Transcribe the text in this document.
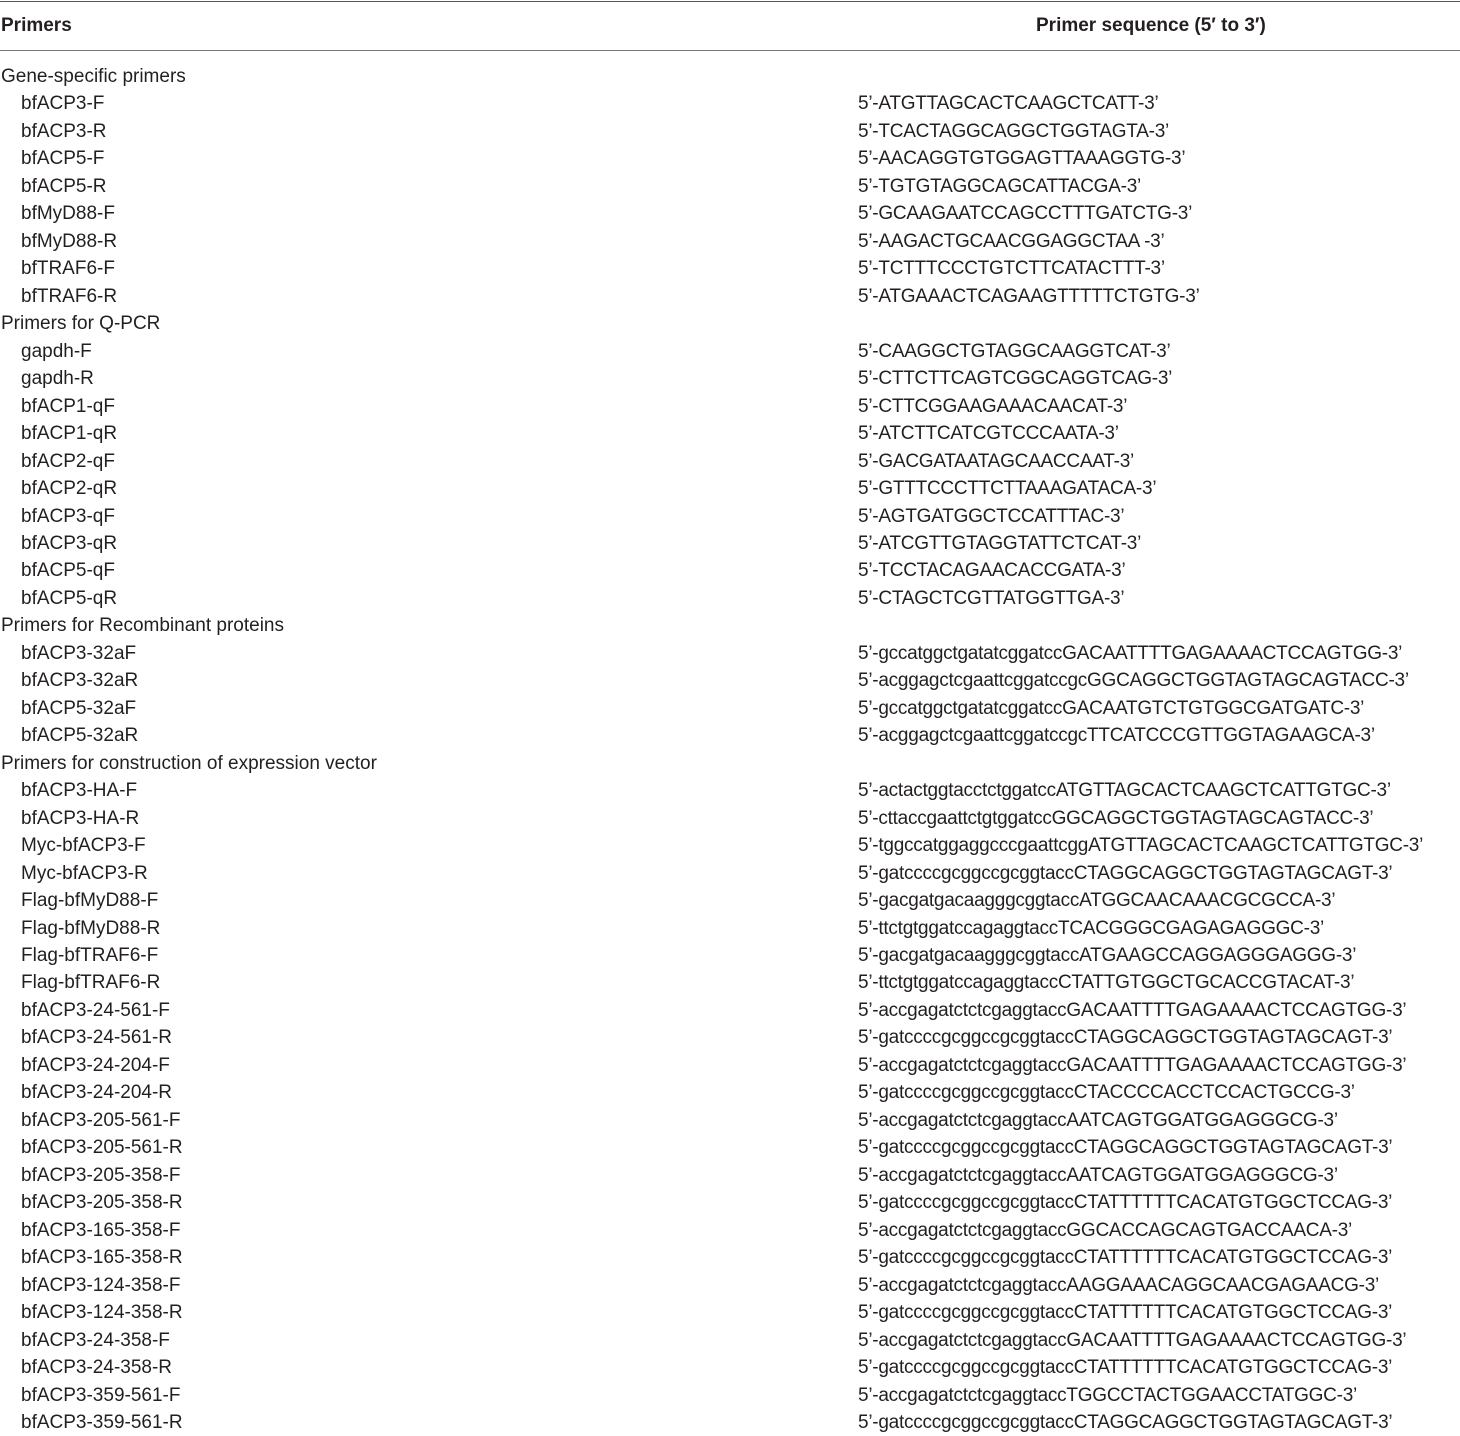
Primers	Primer sequence (5′ to 3′)
Gene-specific primers
bfACP3-F	5’-ATGTTAGCACTCAAGCTCATT-3’
bfACP3-R	5’-TCACTAGGCAGGCTGGTAGTA-3’
bfACP5-F	5’-AACAGGTGTGGAGTTAAAGGTG-3’
bfACP5-R	5’-TGTGTAGGCAGCATTACGA-3’
bfMyD88-F	5’-GCAAGAATCCAGCCTTTGATCTG-3’
bfMyD88-R	5’-AAGACTGCAACGGAGGCTAA -3’
bfTRAF6-F	5’-TCTTTCCCTGTCTTCATACTTT-3’
bfTRAF6-R	5’-ATGAAACTCAGAAGTTTTTCTGTG-3’
Primers for Q-PCR
gapdh-F	5’-CAAGGCTGTAGGCAAGGTCAT-3’
gapdh-R	5’-CTTCTTCAGTCGGCAGGTCAG-3’
bfACP1-qF	5’-CTTCGGAAGAAACAACAT-3’
bfACP1-qR	5’-ATCTTCATCGTCCCAATA-3’
bfACP2-qF	5’-GACGATAATAGCAACCAAT-3’
bfACP2-qR	5’-GTTTCCCTTCTTAAAGATACA-3’
bfACP3-qF	5’-AGTGATGGCTCCATTTAC-3’
bfACP3-qR	5’-ATCGTTGTAGGTATTCTCAT-3’
bfACP5-qF	5’-TCCTACAGAACACCGATA-3’
bfACP5-qR	5’-CTAGCTCGTTATGGTTGA-3’
Primers for Recombinant proteins
bfACP3-32aF	5’-gccatggctgatatcggatccGACAATTTTGAGAAAACTCCAGTGG-3’
bfACP3-32aR	5’-acggagctcgaattcggatccgcGGCAGGCTGGTAGTAGCAGTACC-3’
bfACP5-32aF	5’-gccatggctgatatcggatccGACAATGTCTGTGGCGATGATC-3’
bfACP5-32aR	5’-acggagctcgaattcggatccgcTTCATCCCGTTGGTAGAAGCA-3’
Primers for construction of expression vector
bfACP3-HA-F	5’-actactggtacctctggatccATGTTAGCACTCAAGCTCATTGTGC-3’
bfACP3-HA-R	5’-cttaccgaattctgtggatccGGCAGGCTGGTAGTAGCAGTACC-3’
Myc-bfACP3-F	5’-tggccatggaggcccgaattcggATGTTAGCACTCAAGCTCATTGTGC-3’
Myc-bfACP3-R	5’-gatccccgcggccgcggtaccCTAGGCAGGCTGGTAGTAGCAGT-3’
Flag-bfMyD88-F	5’-gacgatgacaagggcggtaccATGGCAACAAACGCGCCA-3’
Flag-bfMyD88-R	5’-ttctgtggatccagaggtaccTCACGGGCGAGAGAGGGC-3’
Flag-bfTRAF6-F	5’-gacgatgacaagggcggtaccATGAAGCCAGGAGGGAGGG-3’
Flag-bfTRAF6-R	5’-ttctgtggatccagaggtaccCTATTGTGGCTGCACCGTACAT-3’
bfACP3-24-561-F	5’-accgagatctctcgaggtaccGACAATTTTGAGAAAACTCCAGTGG-3’
bfACP3-24-561-R	5’-gatccccgcggccgcggtaccCTAGGCAGGCTGGTAGTAGCAGT-3’
bfACP3-24-204-F	5’-accgagatctctcgaggtaccGACAATTTTGAGAAAACTCCAGTGG-3’
bfACP3-24-204-R	5’-gatccccgcggccgcggtaccCTACCCCACCTCCACTGCCG-3’
bfACP3-205-561-F	5’-accgagatctctcgaggtaccAATCAGTGGATGGAGGGCG-3’
bfACP3-205-561-R	5’-gatccccgcggccgcggtaccCTAGGCAGGCTGGTAGTAGCAGT-3’
bfACP3-205-358-F	5’-accgagatctctcgaggtaccAATCAGTGGATGGAGGGCG-3’
bfACP3-205-358-R	5’-gatccccgcggccgcggtaccCTATTTTTTCACATGTGGCTCCAG-3’
bfACP3-165-358-F	5’-accgagatctctcgaggtaccGGCACCAGCAGTGACCAACA-3’
bfACP3-165-358-R	5’-gatccccgcggccgcggtaccCTATTTTTTCACATGTGGCTCCAG-3’
bfACP3-124-358-F	5’-accgagatctctcgaggtaccAAGGAAACAGGCAACGAGAACG-3’
bfACP3-124-358-R	5’-gatccccgcggccgcggtaccCTATTTTTTCACATGTGGCTCCAG-3’
bfACP3-24-358-F	5’-accgagatctctcgaggtaccGACAATTTTGAGAAAACTCCAGTGG-3’
bfACP3-24-358-R	5’-gatccccgcggccgcggtaccCTATTTTTTCACATGTGGCTCCAG-3’
bfACP3-359-561-F	5’-accgagatctctcgaggtaccTGGCCTACTGGAACCTATGGC-3’
bfACP3-359-561-R	5’-gatccccgcggccgcggtaccCTAGGCAGGCTGGTAGTAGCAGT-3’
